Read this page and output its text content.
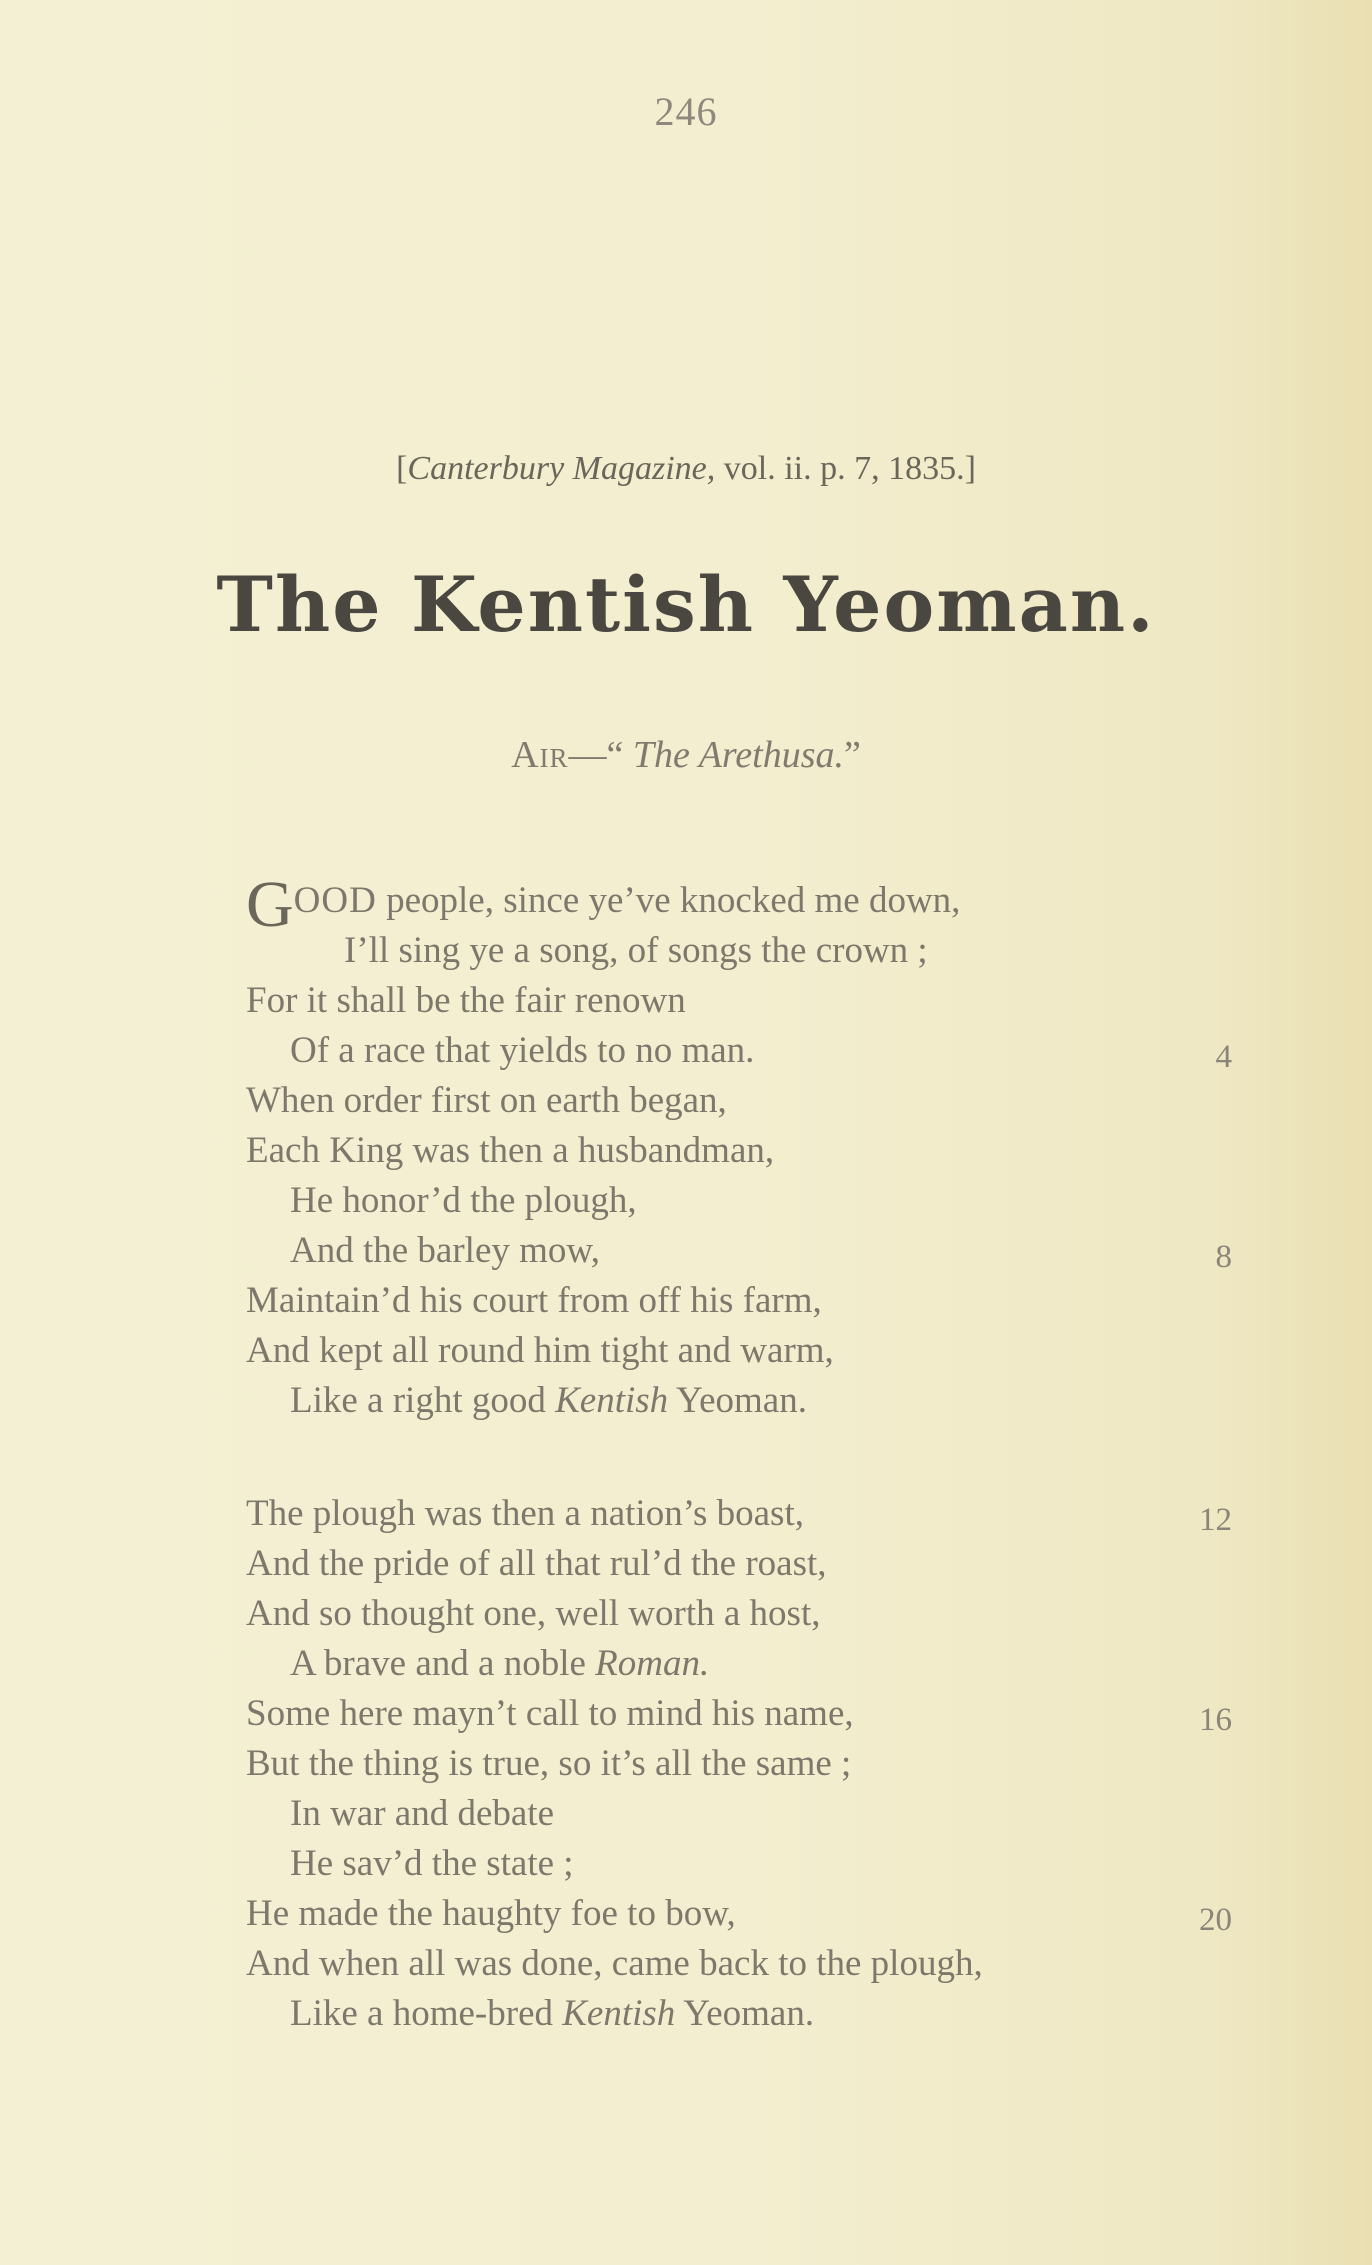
246
[Canterbury Magazine, vol. ii. p. 7, 1835.]
The Kentish Yeoman.
Air—“ The Arethusa.”
GOOD people, since ye’ve knocked me down,
I’ll sing ye a song, of songs the crown ;
For it shall be the fair renown
Of a race that yields to no man.	4
When order first on earth began,
Each King was then a husbandman,
He honor’d the plough,
And the barley mow,	8
Maintain’d his court from off his farm,
And kept all round him tight and warm,
Like a right good Kentish Yeoman.
The plough was then a nation’s boast,	12
And the pride of all that rul’d the roast,
And so thought one, well worth a host,
A brave and a noble Roman.
Some here mayn’t call to mind his name,	16
But the thing is true, so it’s all the same ;
In war and debate
He sav’d the state ;
He made the haughty foe to bow,	20
And when all was done, came back to the plough,
Like a home-bred Kentish Yeoman.
